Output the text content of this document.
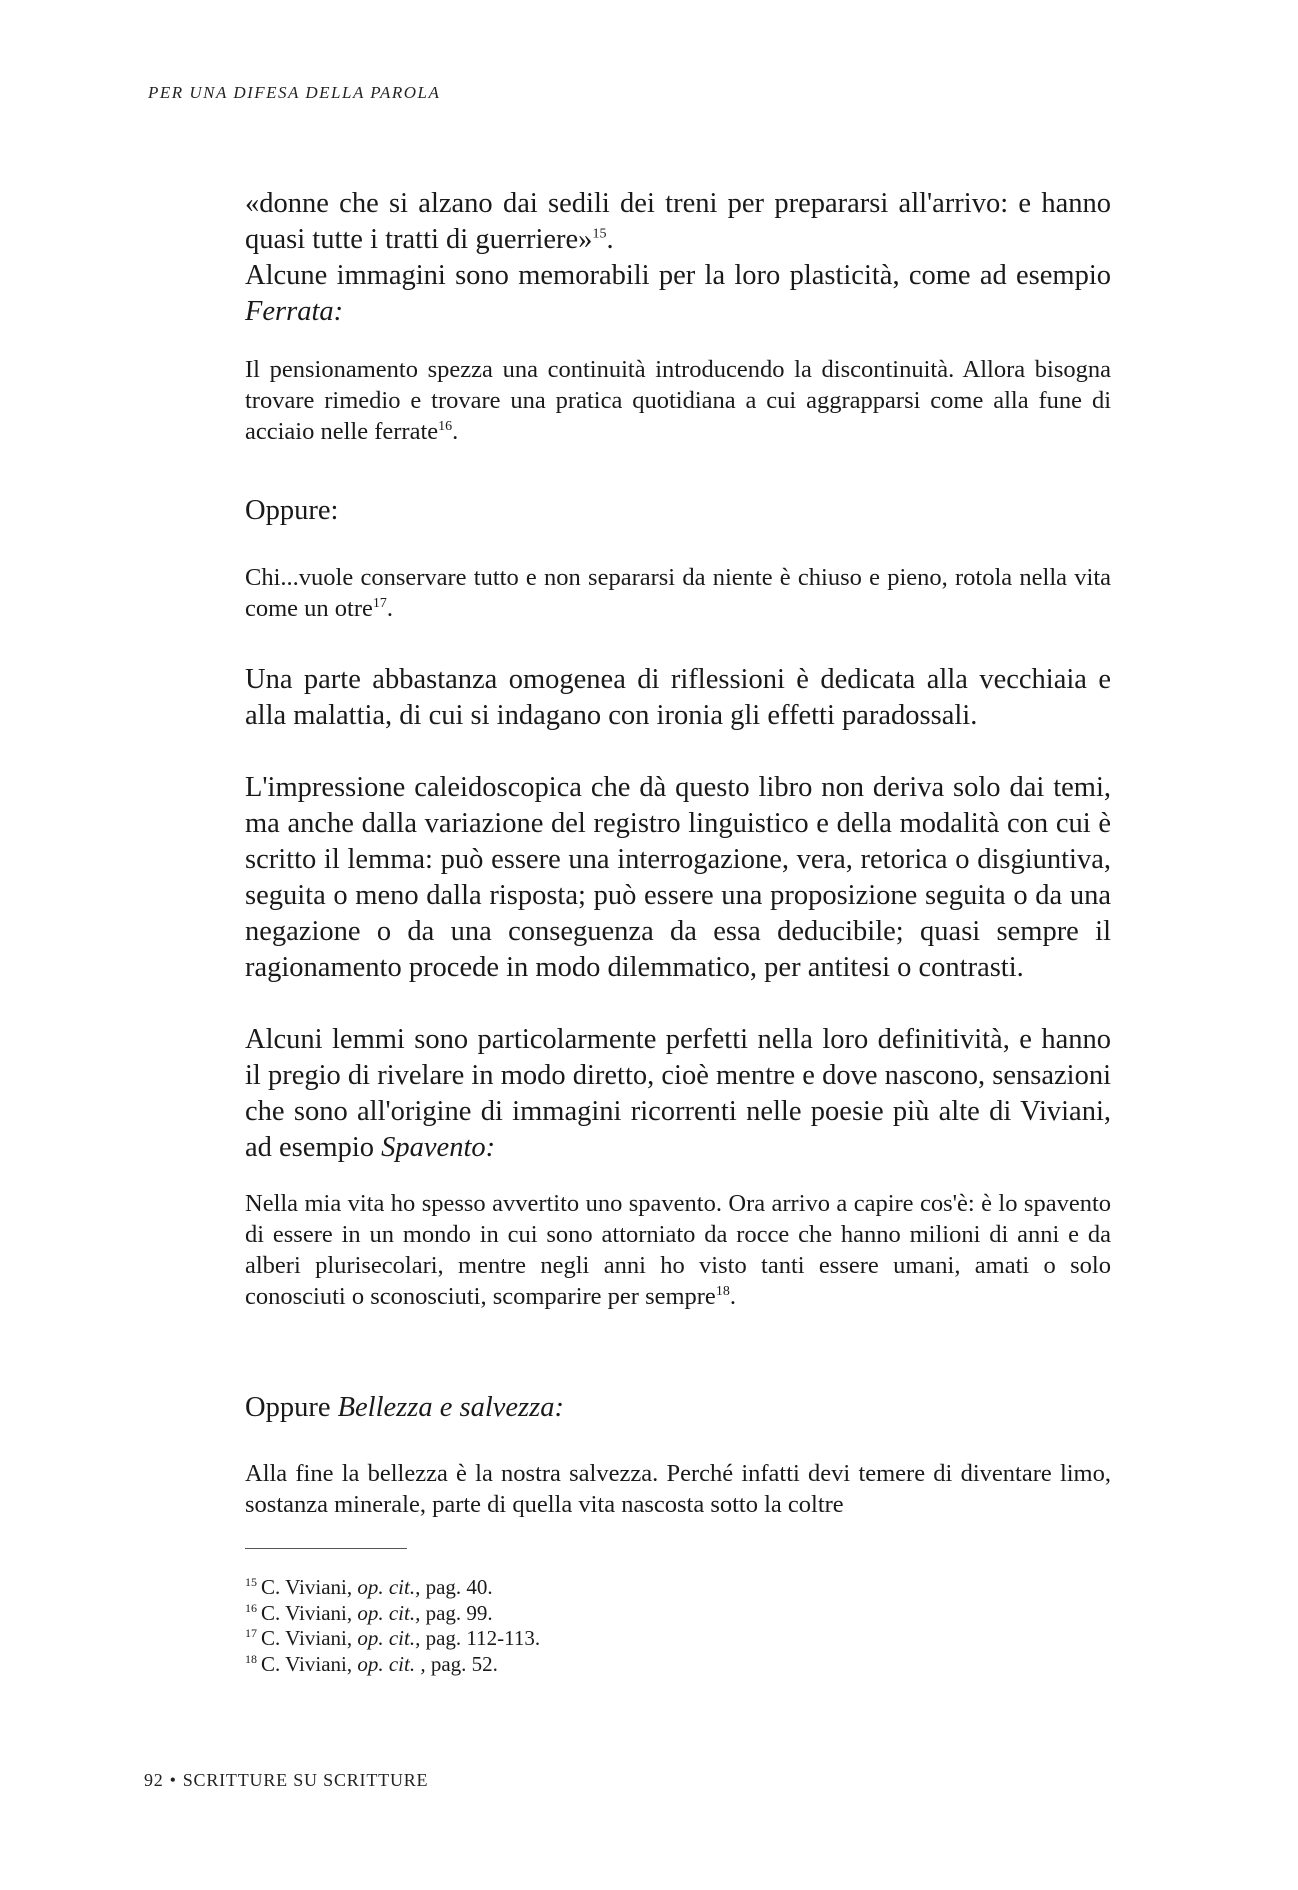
PER UNA DIFESA DELLA PAROLA

«donne che si alzano dai sedili dei treni per prepararsi all'arrivo: e hanno quasi tutte i tratti di guerriere»$^{15}$.

Alcune immagini sono memorabili per la loro plasticità, come ad esempio Ferrata:

Il pensionamento spezza una continuità introducendo la discontinuità. Allora bisogna trovare rimedio e trovare una pratica quotidiana a cui aggrapparsi come alla fune di acciaio nelle ferrate$^{16}$.

Oppure:

Chi...vuole conservare tutto e non separarsi da niente è chiuso e pieno, rotola nella vita come un otre$^{17}$.

Una parte abbastanza omogenea di riflessioni è dedicata alla vecchiaia e alla malattia, di cui si indagano con ironia gli effetti paradossali.

L'impressione caleidoscopica che dà questo libro non deriva solo dai temi, ma anche dalla variazione del registro linguistico e della modalità con cui è scritto il lemma: può essere una interrogazione, vera, retorica o disgiuntiva, seguita o meno dalla risposta; può essere una proposizione seguita o da una negazione o da una conseguenza da essa deducibile; quasi sempre il ragionamento procede in modo dilemmatico, per antitesi o contrasti.

Alcuni lemmi sono particolarmente perfetti nella loro definitività, e hanno il pregio di rivelare in modo diretto, cioè mentre e dove nascono, sensazioni che sono all'origine di immagini ricorrenti nelle poesie più alte di Viviani, ad esempio Spavento:

Nella mia vita ho spesso avvertito uno spavento. Ora arrivo a capire cos'è: è lo spavento di essere in un mondo in cui sono attorniato da rocce che hanno milioni di anni e da alberi plurisecolari, mentre negli anni ho visto tanti essere umani, amati o solo conosciuti o sconosciuti, scomparire per sempre$^{18}$.

Oppure Bellezza e salvezza:

Alla fine la bellezza è la nostra salvezza. Perché infatti devi temere di diventare limo, sostanza minerale, parte di quella vita nascosta sotto la coltre

$^{15}$ C. Viviani, op. cit., pag. 40.
$^{16}$ C. Viviani, op. cit., pag. 99.
$^{17}$ C. Viviani, op. cit., pag. 112-113.
$^{18}$ C. Viviani, op. cit. , pag. 52.
92 • SCRITTURE SU SCRITTURE
